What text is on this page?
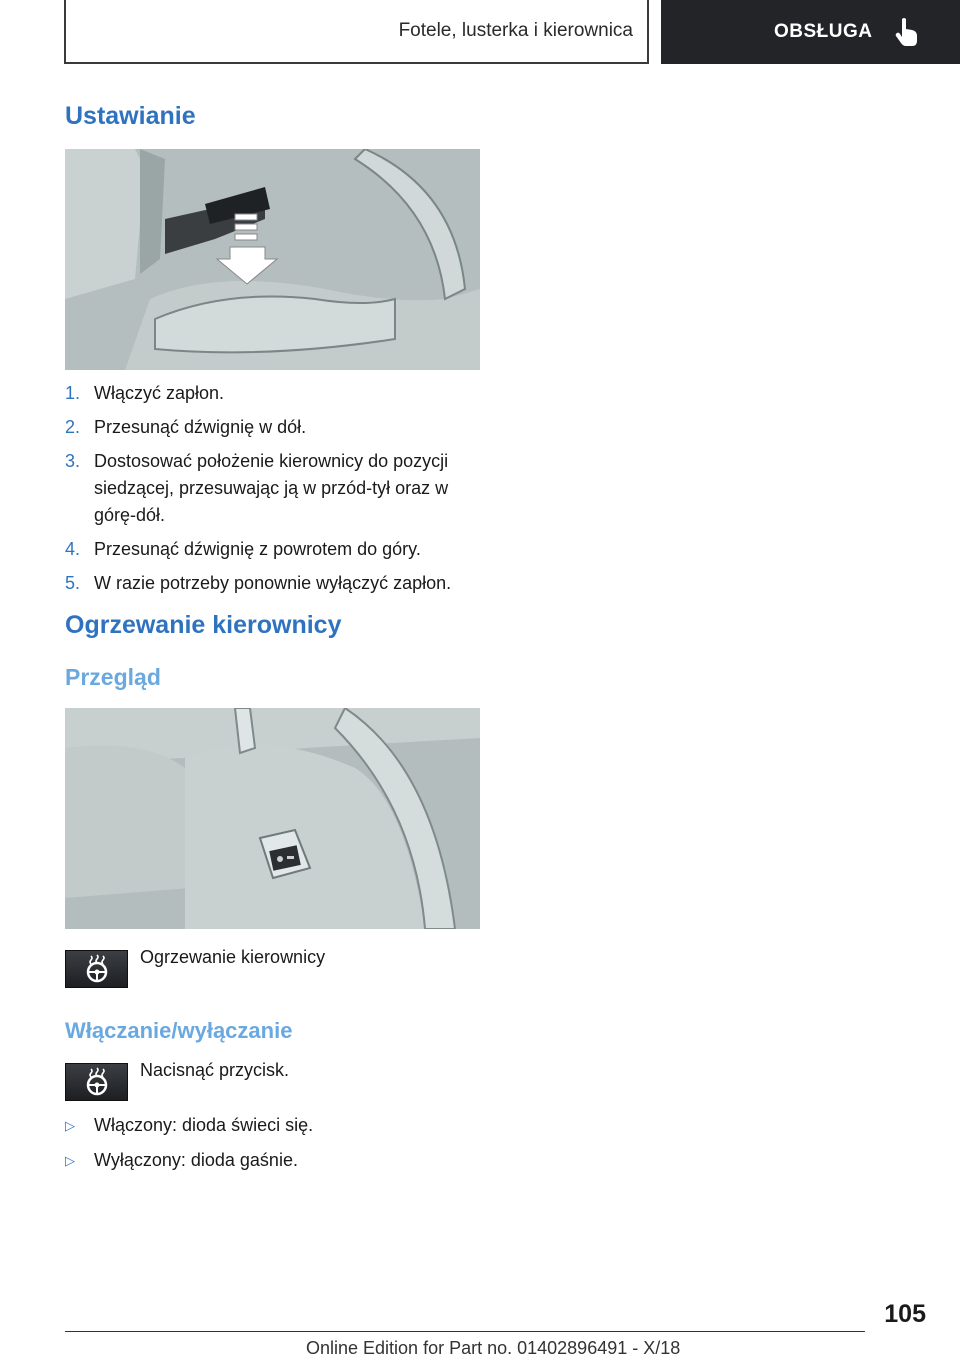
Fotele, lusterka i kierownica	OBSŁUGA
Ustawianie
1. Włączyć zapłon.
2. Przesunąć dźwignię w dół.
3. Dostosować położenie kierownicy do pozycji siedzącej, przesuwając ją w przód-tył oraz w górę-dół.
4. Przesunąć dźwignię z powrotem do góry.
5. W razie potrzeby ponownie wyłączyć zapłon.
Ogrzewanie kierownicy
Przegląd
Ogrzewanie kierownicy
Włączanie/wyłączanie
Nacisnąć przycisk.
▷	Włączony: dioda świeci się.
▷	Wyłączony: dioda gaśnie.
105
Online Edition for Part no. 01402896491 - X/18
